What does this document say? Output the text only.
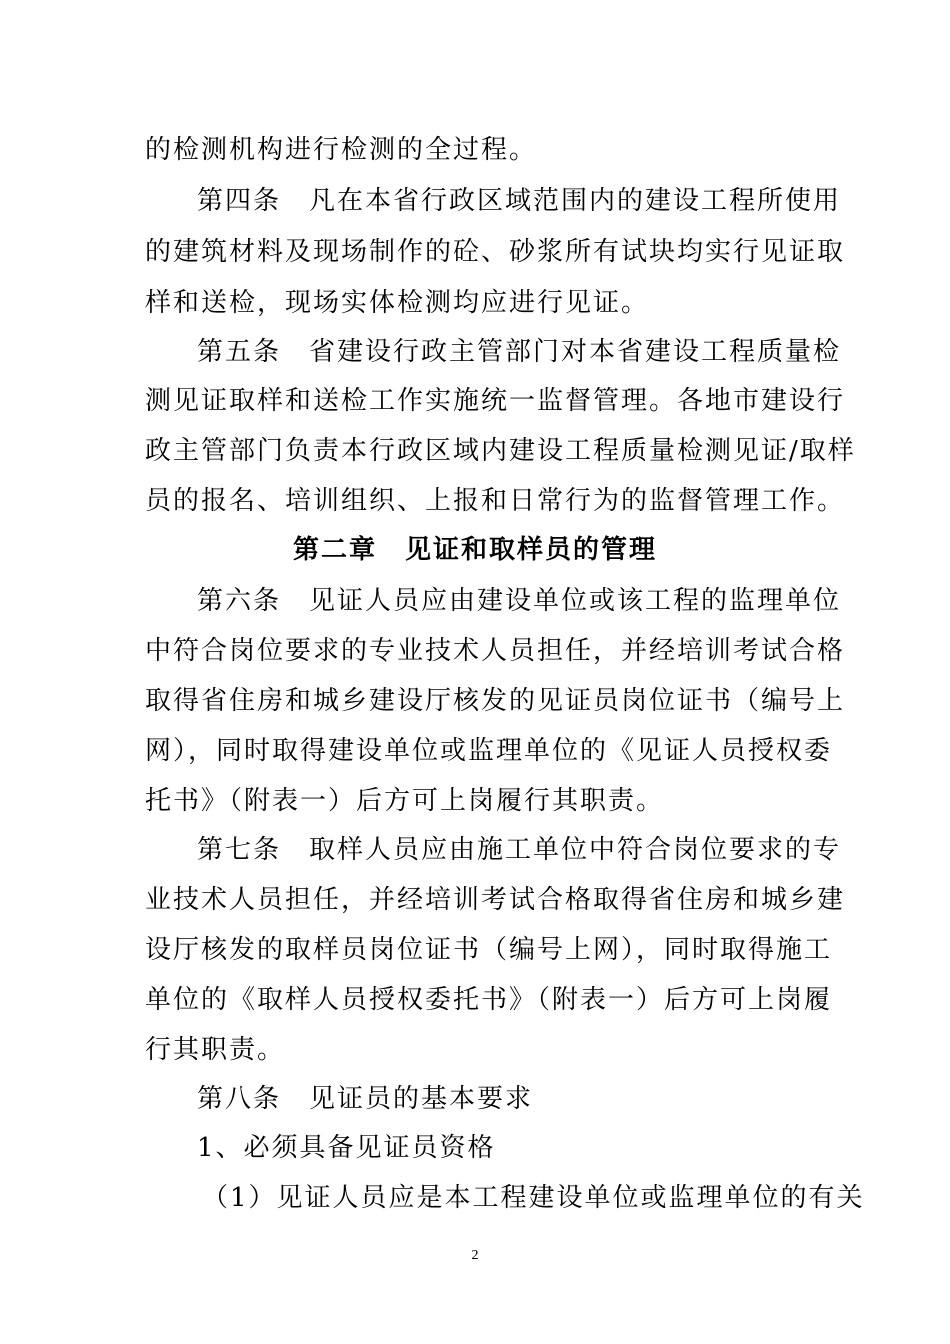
的检测机构进行检测的全过程。
第四条　凡在本省行政区域范围内的建设工程所使用
的建筑材料及现场制作的砼、砂浆所有试块均实行见证取
样和送检，现场实体检测均应进行见证。
第五条　省建设行政主管部门对本省建设工程质量检
测见证取样和送检工作实施统一监督管理。各地市建设行
政主管部门负责本行政区域内建设工程质量检测见证/取样
员的报名、培训组织、上报和日常行为的监督管理工作。
第二章　见证和取样员的管理
第六条　见证人员应由建设单位或该工程的监理单位
中符合岗位要求的专业技术人员担任，并经培训考试合格
取得省住房和城乡建设厅核发的见证员岗位证书（编号上
网），同时取得建设单位或监理单位的《见证人员授权委
托书》（附表一）后方可上岗履行其职责。
第七条　取样人员应由施工单位中符合岗位要求的专
业技术人员担任，并经培训考试合格取得省住房和城乡建
设厅核发的取样员岗位证书（编号上网），同时取得施工
单位的《取样人员授权委托书》（附表一）后方可上岗履
行其职责。
第八条　见证员的基本要求
1、必须具备见证员资格
（1）见证人员应是本工程建设单位或监理单位的有关
2
